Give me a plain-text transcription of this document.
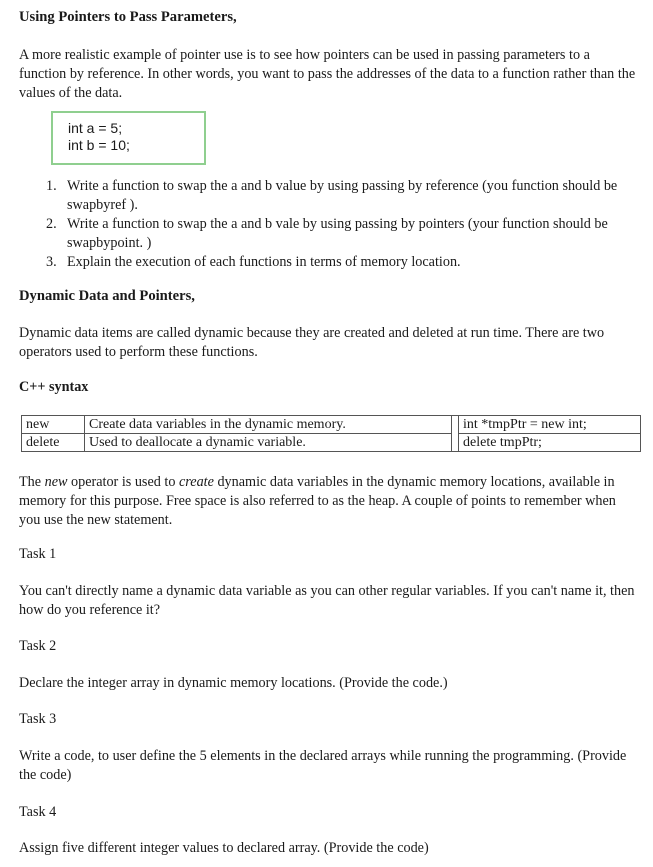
Using Pointers to Pass Parameters,

A more realistic example of pointer use is to see how pointers can be used in passing parameters to a function by reference. In other words, you want to pass the addresses of the data to a function rather than the values of the data.

int a = 5;
int b = 10;
1. Write a function to swap the a and b value by using passing by reference (you function should be swapbyref ).
2. Write a function to swap the a and b vale by using passing by pointers (your function should be swapbypoint. )
3. Explain the execution of each functions in terms of memory location.
Dynamic Data and Pointers,

Dynamic data items are called dynamic because they are created and deleted at run time. There are two operators used to perform these functions.

C++ syntax
new	Create data variables in the dynamic memory.		int *tmpPtr = new int;
delete	Used to deallocate a dynamic variable.		delete tmpPtr;

The new operator is used to create dynamic data variables in the dynamic memory locations, available in memory for this purpose. Free space is also referred to as the heap. A couple of points to remember when you use the new statement.

Task 1

You can't directly name a dynamic data variable as you can other regular variables. If you can't name it, then how do you reference it?

Task 2

Declare the integer array in dynamic memory locations. (Provide the code.)

Task 3

Write a code, to user define the 5 elements in the declared arrays while running the programming. (Provide the code)

Task 4

Assign five different integer values to declared array. (Provide the code)
